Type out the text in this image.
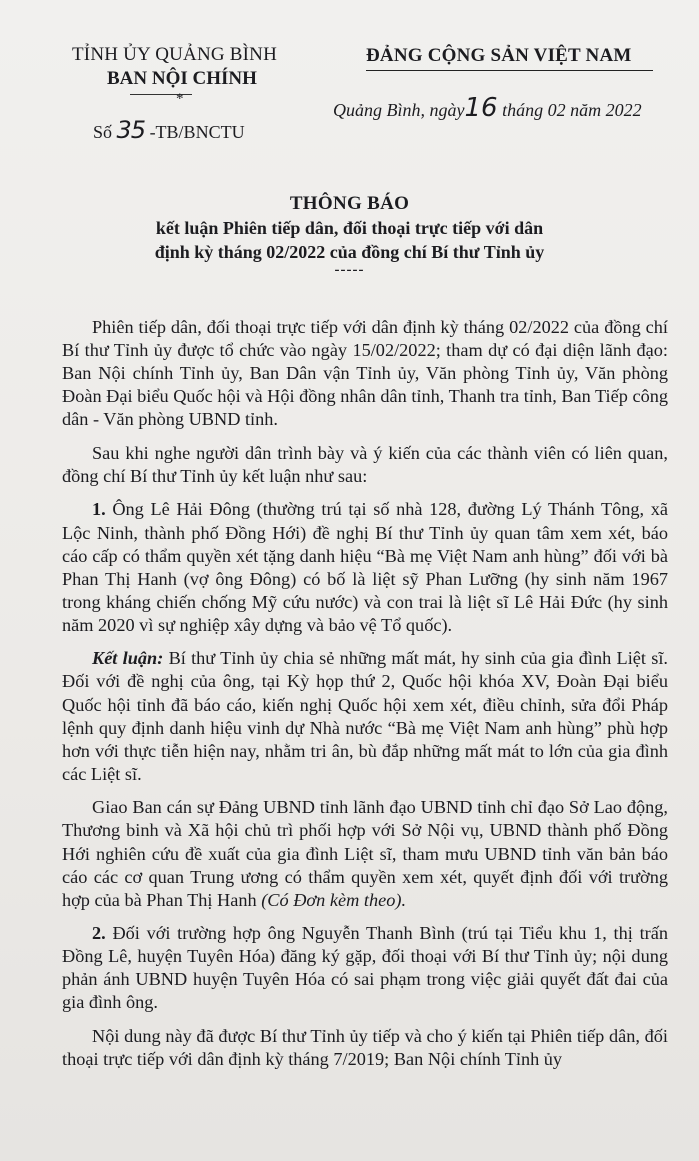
TỈNH ỦY QUẢNG BÌNH
BAN NỘI CHÍNH
*
ĐẢNG CỘNG SẢN VIỆT NAM
Số 35 -TB/BNCTU
Quảng Bình, ngày16 tháng 02 năm 2022
THÔNG BÁO
kết luận Phiên tiếp dân, đối thoại trực tiếp với dân
định kỳ tháng 02/2022 của đồng chí Bí thư Tỉnh ủy
-----

Phiên tiếp dân, đối thoại trực tiếp với dân định kỳ tháng 02/2022 của đồng chí Bí thư Tỉnh ủy được tổ chức vào ngày 15/02/2022; tham dự có đại diện lãnh đạo: Ban Nội chính Tỉnh ủy, Ban Dân vận Tỉnh ủy, Văn phòng Tỉnh ủy, Văn phòng Đoàn Đại biểu Quốc hội và Hội đồng nhân dân tỉnh, Thanh tra tỉnh, Ban Tiếp công dân - Văn phòng UBND tỉnh.

Sau khi nghe người dân trình bày và ý kiến của các thành viên có liên quan, đồng chí Bí thư Tỉnh ủy kết luận như sau:

1. Ông Lê Hải Đông (thường trú tại số nhà 128, đường Lý Thánh Tông, xã Lộc Ninh, thành phố Đồng Hới) đề nghị Bí thư Tỉnh ủy quan tâm xem xét, báo cáo cấp có thẩm quyền xét tặng danh hiệu “Bà mẹ Việt Nam anh hùng” đối với bà Phan Thị Hanh (vợ ông Đông) có bố là liệt sỹ Phan Lưỡng (hy sinh năm 1967 trong kháng chiến chống Mỹ cứu nước) và con trai là liệt sĩ Lê Hải Đức (hy sinh năm 2020 vì sự nghiệp xây dựng và bảo vệ Tổ quốc).

Kết luận: Bí thư Tỉnh ủy chia sẻ những mất mát, hy sinh của gia đình Liệt sĩ. Đối với đề nghị của ông, tại Kỳ họp thứ 2, Quốc hội khóa XV, Đoàn Đại biểu Quốc hội tỉnh đã báo cáo, kiến nghị Quốc hội xem xét, điều chỉnh, sửa đổi Pháp lệnh quy định danh hiệu vinh dự Nhà nước “Bà mẹ Việt Nam anh hùng” phù hợp hơn với thực tiễn hiện nay, nhằm tri ân, bù đắp những mất mát to lớn của gia đình các Liệt sĩ.

Giao Ban cán sự Đảng UBND tỉnh lãnh đạo UBND tỉnh chỉ đạo Sở Lao động, Thương binh và Xã hội chủ trì phối hợp với Sở Nội vụ, UBND thành phố Đồng Hới nghiên cứu đề xuất của gia đình Liệt sĩ, tham mưu UBND tỉnh văn bản báo cáo các cơ quan Trung ương có thẩm quyền xem xét, quyết định đối với trường hợp của bà Phan Thị Hanh (Có Đơn kèm theo).

2. Đối với trường hợp ông Nguyễn Thanh Bình (trú tại Tiểu khu 1, thị trấn Đồng Lê, huyện Tuyên Hóa) đăng ký gặp, đối thoại với Bí thư Tỉnh ủy; nội dung phản ánh UBND huyện Tuyên Hóa có sai phạm trong việc giải quyết đất đai của gia đình ông.

Nội dung này đã được Bí thư Tỉnh ủy tiếp và cho ý kiến tại Phiên tiếp dân, đối thoại trực tiếp với dân định kỳ tháng 7/2019; Ban Nội chính Tỉnh ủy
